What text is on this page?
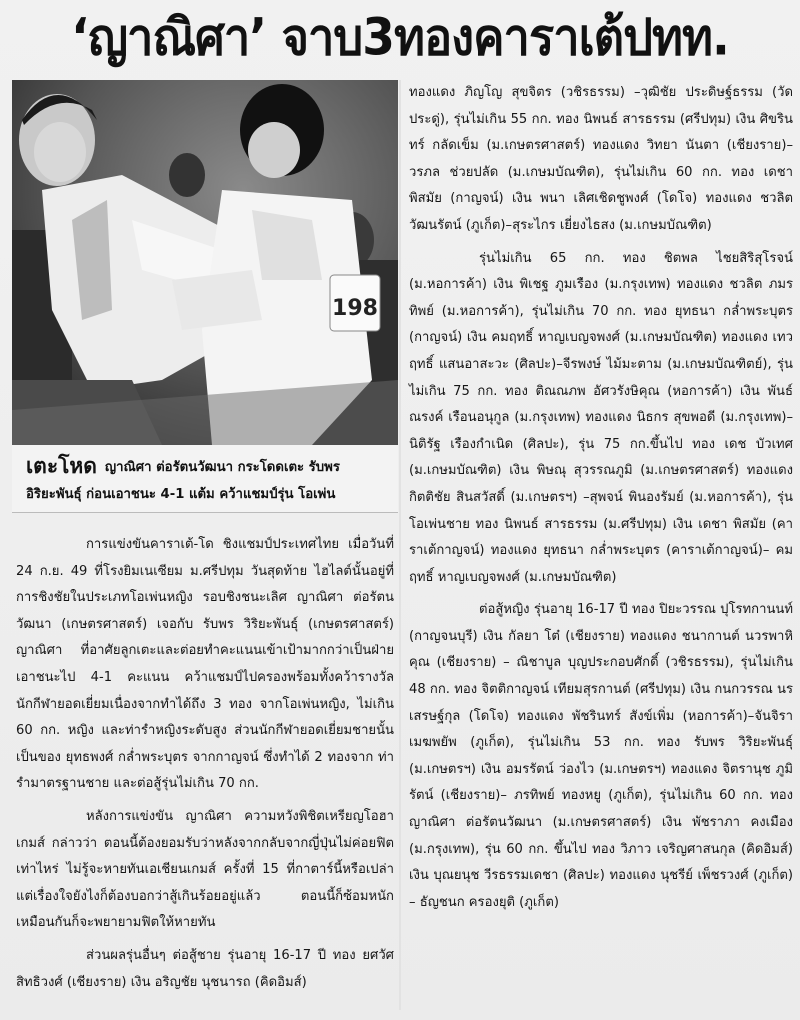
‘ญาณิศา’ จาบ3ทองคาราเต้ปทท.
198
เตะโหด ญาณิศา ต่อรัตนวัฒนา กระโดดเตะ รับพร
อิริยะพันธุ์ ก่อนเอาชนะ 4-1 แต้ม คว้าแชมป์รุ่น โอเพ่น

การแข่งขันคาราเต้-โด ชิงแชมป์ประเทศไทย เมื่อวันที่ 24 ก.ย. 49 ที่โรงยิมเนเซียม ม.ศรีปทุม วันสุดท้าย ไฮไลต์นั้นอยู่ที่การชิงชัยในประเภทโอเพ่นหญิง รอบชิงชนะเลิศ ญาณิศา ต่อรัตนวัฒนา (เกษตรศาสตร์) เจอกับ รับพร วิริยะพันธุ์ (เกษตรศาสตร์) ญาณิศา ที่อาศัยลูกเตะและต่อยทำคะแนนเข้าเป้ามากกว่าเป็นฝ่ายเอาชนะไป 4-1 คะแนน คว้าแชมป์ไปครองพร้อมทั้งคว้ารางวัลนักกีฬายอดเยี่ยมเนื่องจากทำได้ถึง 3 ทอง จากโอเพ่นหญิง, ไม่เกิน 60 กก. หญิง และท่ารำหญิงระดับสูง ส่วนนักกีฬายอดเยี่ยมชายนั้นเป็นของ ยุทธพงศ์ กล่ำพระบุตร จากกาญจน์ ซึ่งทำได้ 2 ทองจาก ท่ารำมาตรฐานชาย และต่อสู้รุ่นไม่เกิน 70 กก.

หลังการแข่งขัน ญาณิศา ความหวังพิชิตเหรียญโอฮาเกมส์ กล่าวว่า ตอนนี้ต้องยอมรับว่าหลังจากกลับจากญี่ปุ่นไม่ค่อยฟิตเท่าไหร่ ไม่รู้จะหายทันเอเชียนเกมส์ ครั้งที่ 15 ที่กาตาร์นี้หรือเปล่าแต่เรื่องใจยังไงก็ต้องบอกว่าสู้เกินร้อยอยู่แล้ว ตอนนี้ก็ซ้อมหนักเหมือนกันก็จะพยายามฟิตให้หายทัน

ส่วนผลรุ่นอื่นๆ ต่อสู้ชาย รุ่นอายุ 16-17 ปี ทอง ยศวัศ สิทธิวงศ์ (เชียงราย) เงิน อริญชัย นุชนารถ (คิดอิมส์)

ทองแดง ภิญโญ สุขจิตร (วชิรธรรม) –วุฒิชัย ประดิษฐ์ธรรม (วัดประดู่), รุ่นไม่เกิน 55 กก. ทอง นิพนธ์ สารธรรม (ศรีปทุม) เงิน ศิขรินทร์ กลัดเข็ม (ม.เกษตรศาสตร์) ทองแดง วิทยา นันตา (เชียงราย)–วรภล ช่วยปลัด (ม.เกษมบัณฑิต), รุ่นไม่เกิน 60 กก. ทอง เดชา พิสมัย (กาญจน์) เงิน พนา เลิศเชิดชูพงศ์ (โดโจ) ทองแดง ชวลิต วัฒนรัตน์ (ภูเก็ต)–สุระไกร เยี่ยงไธสง (ม.เกษมบัณฑิต)

รุ่นไม่เกิน 65 กก. ทอง ชิตพล ไชยสิริสุโรจน์ (ม.หอการค้า) เงิน พิเชฐ ภูมเรือง (ม.กรุงเทพ) ทองแดง ชวลิต ภมรทิพย์ (ม.หอการค้า), รุ่นไม่เกิน 70 กก. ทอง ยุทธนา กล่ำพระบุตร (กาญจน์) เงิน คมฤทธิ์ หาญเบญจพงศ์ (ม.เกษมบัณฑิต) ทองแดง เทวฤทธิ์ แสนอาสะวะ (ศิลปะ)–จีรพงษ์ ไม้มะตาม (ม.เกษมบัณฑิตย์), รุ่นไม่เกิน 75 กก. ทอง ติณณภพ อัศวรังษิคุณ (หอการค้า) เงิน พันธ์ณรงค์ เรือนอนุกูล (ม.กรุงเทพ) ทองแดง นิธกร สุขพอดี (ม.กรุงเทพ)–นิติรัฐ เรืองกำเนิด (ศิลปะ), รุ่น 75 กก.ขึ้นไป ทอง เดช บัวเทศ (ม.เกษมบัณฑิต) เงิน พิษณุ สุวรรณภูมิ (ม.เกษตรศาสตร์) ทองแดง กิตติชัย สินสวัสดิ์ (ม.เกษตรฯ) –สุพจน์ พินองรัมย์ (ม.หอการค้า), รุ่นโอเพ่นชาย ทอง นิพนธ์ สารธรรม (ม.ศรีปทุม) เงิน เดชา พิสมัย (คาราเต้กาญจน์) ทองแดง ยุทธนา กล่ำพระบุตร (คาราเต้กาญจน์)– คมฤทธิ์ หาญเบญจพงศ์ (ม.เกษมบัณฑิต)

ต่อสู้หญิง รุ่นอายุ 16-17 ปี ทอง ปิยะวรรณ ปุโรทกานนท์ (กาญจนบุรี) เงิน กัลยา โต๋ (เชียงราย) ทองแดง ชนากานต์ นวรพาหิคุณ (เชียงราย) – ณิชาบูล บุญประกอบศักดิ์ (วชิรธรรม), รุ่นไม่เกิน 48 กก. ทอง จิตติกาญจน์ เทียมสุรกานต์ (ศรีปทุม) เงิน กนกวรรณ นรเสรษฐ์กุล (โดโจ) ทองแดง พัชรินทร์ สังข์เพิ่ม (หอการค้า)–จันจิรา เมฆพยัพ (ภูเก็ต), รุ่นไม่เกิน 53 กก. ทอง รับพร วิริยะพันธุ์ (ม.เกษตรฯ) เงิน อมรรัตน์ ว่องไว (ม.เกษตรฯ) ทองแดง จิตรานุช ภูมิรัตน์ (เชียงราย)– ภรทิพย์ ทองหยู (ภูเก็ต), รุ่นไม่เกิน 60 กก. ทอง ญาณิศา ต่อรัตนวัฒนา (ม.เกษตรศาสตร์) เงิน พัชราภา คงเมือง (ม.กรุงเทพ), รุ่น 60 กก. ขึ้นไป ทอง วิภาว เจริญศาสนกุล (คิดอิมส์) เงิน บุณยนุช วีรธรรมเดชา (ศิลปะ) ทองแดง นุชรีย์ เพ็ชรวงศ์ (ภูเก็ต) – ธัญชนก ครองยุติ (ภูเก็ต)
